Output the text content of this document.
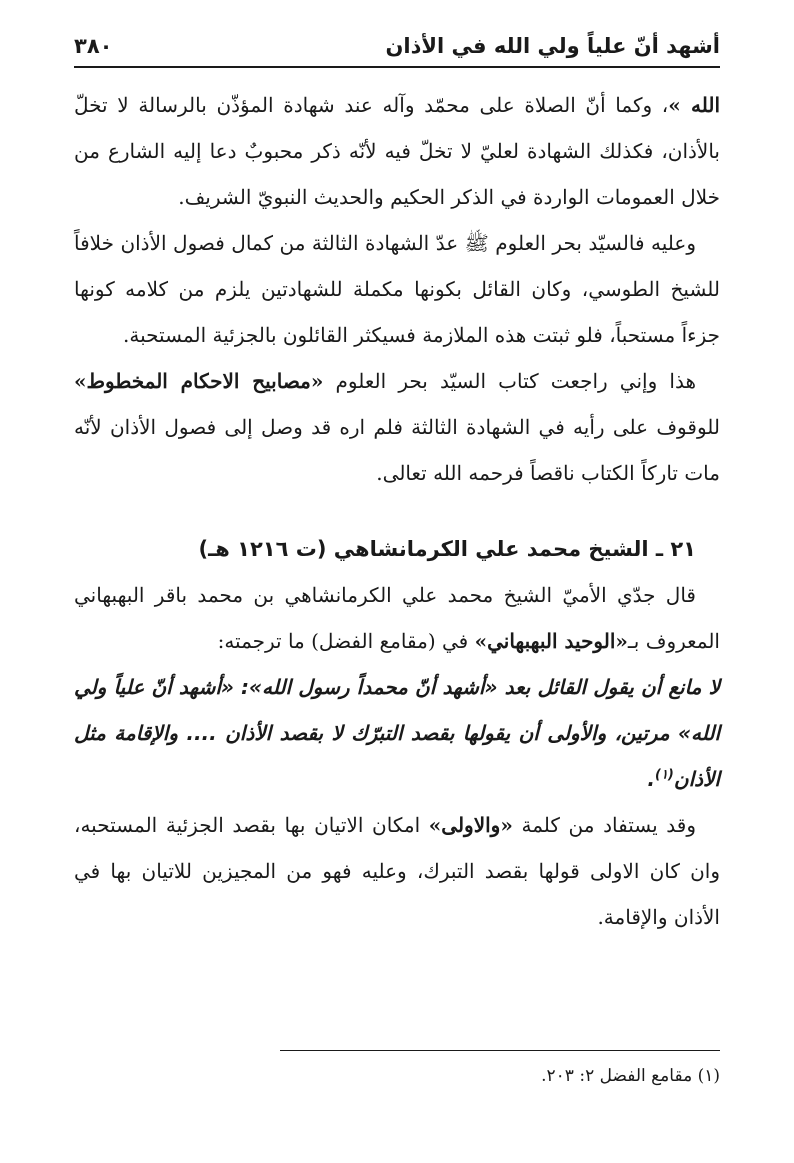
أشهد أنّ علياً ولي الله في الأذان
٣٨٠

الله »، وكما أنّ الصلاة على محمّد وآله عند شهادة المؤذّن بالرسالة لا تخلّ بالأذان، فكذلك الشهادة لعليّ لا تخلّ فيه لأنّه ذكر محبوبٌ دعا إليه الشارع من خلال العمومات الواردة في الذكر الحكيم والحديث النبويّ الشريف.

وعليه فالسيّد بحر العلوم ﷺ عدّ الشهادة الثالثة من كمال فصول الأذان خلافاً للشيخ الطوسي، وكان القائل بكونها مكملة للشهادتين يلزم من كلامه كونها جزءاً مستحباً، فلو ثبتت هذه الملازمة فسيكثر القائلون بالجزئية المستحبة.

هذا وإني راجعت كتاب السيّد بحر العلوم «مصابيح الاحكام المخطوط» للوقوف على رأيه في الشهادة الثالثة فلم اره قد وصل إلى فصول الأذان لأنّه مات تاركاً الكتاب ناقصاً فرحمه الله تعالى.

٢١ ـ الشيخ محمد علي الكرمانشاهي (ت ١٢١٦ هـ)

قال جدّي الأميّ الشيخ محمد علي الكرمانشاهي بن محمد باقر البهبهاني المعروف بـ«الوحيد البهبهاني» في (مقامع الفضل) ما ترجمته:

لا مانع أن يقول القائل بعد «أشهد أنّ محمداً رسول الله»: «أشهد أنّ علياً ولي الله» مرتين، والأولى أن يقولها بقصد التبرّك لا بقصد الأذان .... والإقامة مثل الأذان$^{(١)}$.

وقد يستفاد من كلمة «والاولى» امكان الاتيان بها بقصد الجزئية المستحبه، وان كان الاولى قولها بقصد التبرك، وعليه فهو من المجيزين للاتيان بها في الأذان والإقامة.

(١) مقامع الفضل ٢: ٢٠٣.
